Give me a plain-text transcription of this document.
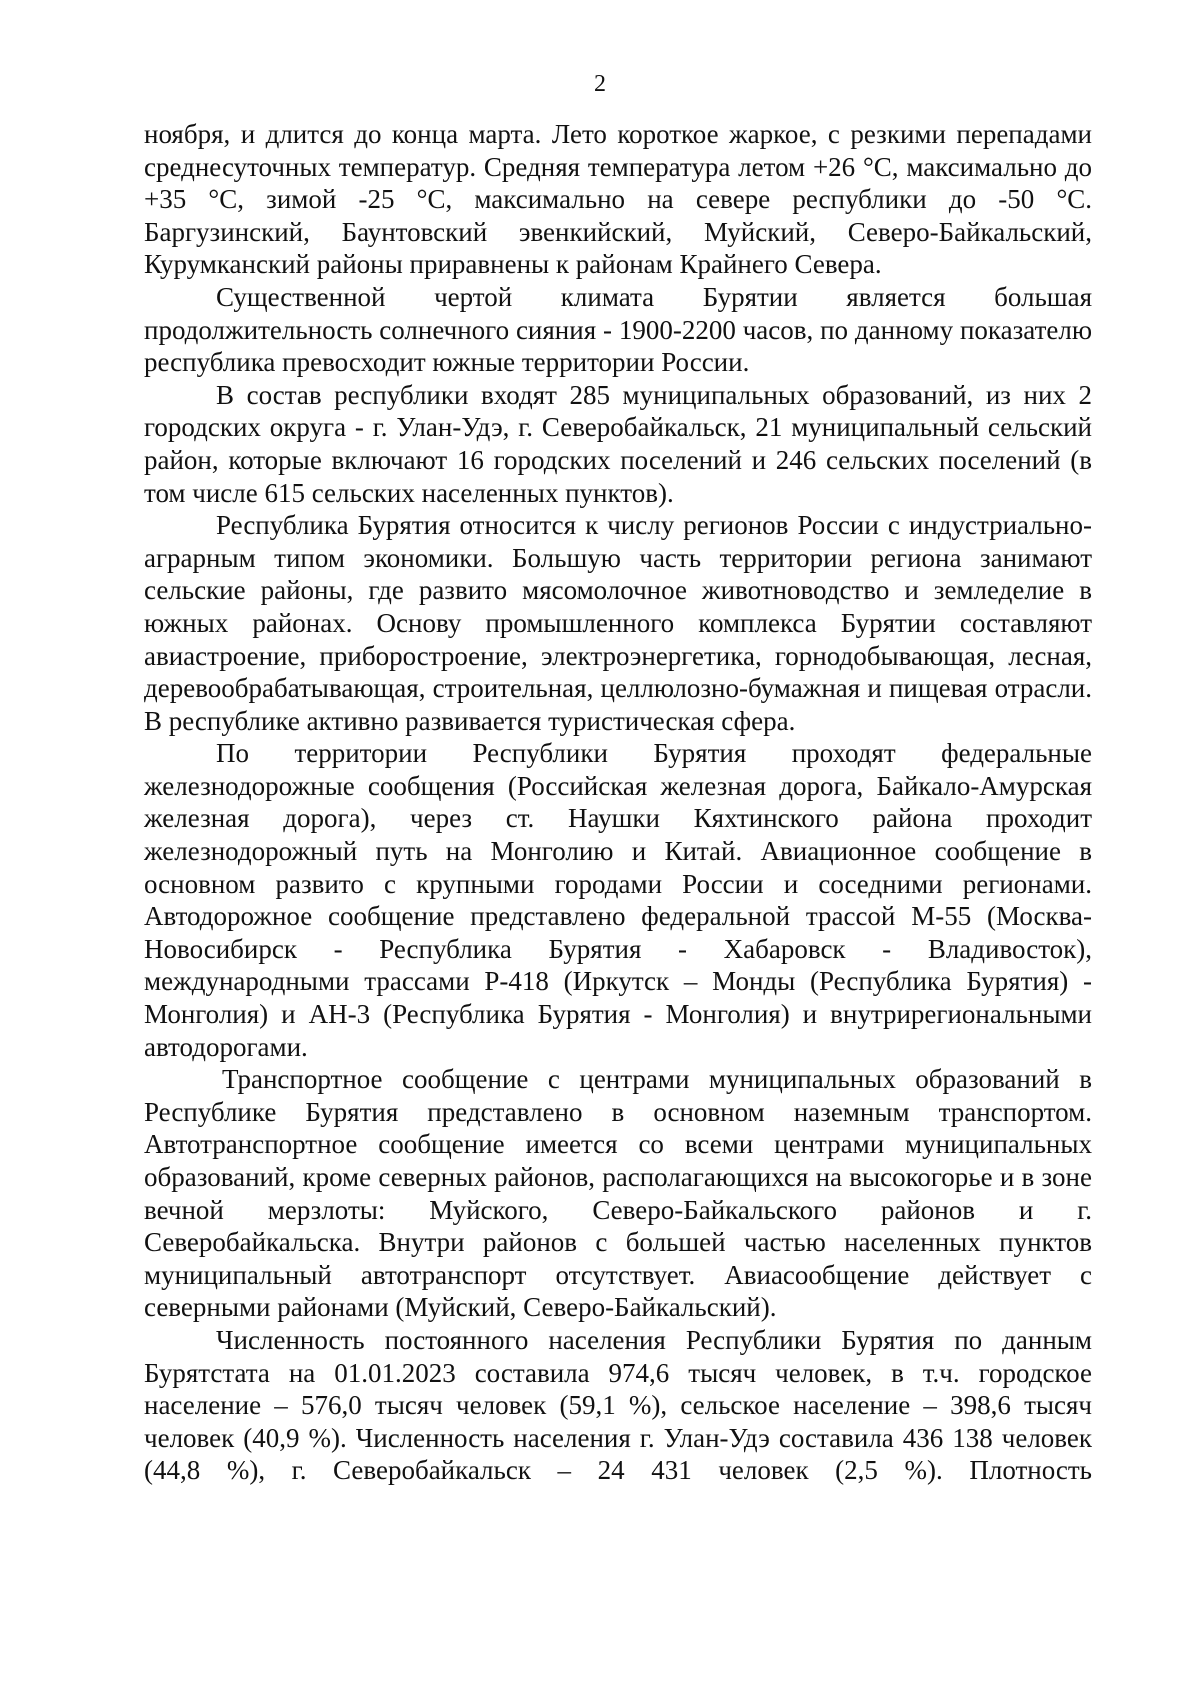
2

ноября, и длится до конца марта. Лето короткое жаркое, с резкими перепадами среднесуточных температур. Средняя температура летом +26 °С, максимально до +35 °С, зимой -25 °С, максимально на севере республики до -50 °С. Баргузинский, Баунтовский эвенкийский, Муйский, Северо-Байкальский, Курумканский районы приравнены к районам Крайнего Севера.

Существенной чертой климата Бурятии является большая продолжительность солнечного сияния - 1900-2200 часов, по данному показателю республика превосходит южные территории России.

В состав республики входят 285 муниципальных образований, из них 2 городских округа - г. Улан-Удэ, г. Северобайкальск, 21 муниципальный сельский район, которые включают 16 городских поселений и 246 сельских поселений (в том числе 615 сельских населенных пунктов).

Республика Бурятия относится к числу регионов России с индустриально-аграрным типом экономики. Большую часть территории региона занимают сельские районы, где развито мясомолочное животноводство и земледелие в южных районах. Основу промышленного комплекса Бурятии составляют авиастроение, приборостроение, электроэнергетика, горнодобывающая, лесная, деревообрабатывающая, строительная, целлюлозно-бумажная и пищевая отрасли. В республике активно развивается туристическая сфера.

По территории Республики Бурятия проходят федеральные железнодорожные сообщения (Российская железная дорога, Байкало-Амурская железная дорога), через ст. Наушки Кяхтинского района проходит железнодорожный путь на Монголию и Китай. Авиационное сообщение в основном развито с крупными городами России и соседними регионами. Автодорожное сообщение представлено федеральной трассой М-55 (Москва-Новосибирск - Республика Бурятия - Хабаровск - Владивосток), международными трассами Р-418 (Иркутск – Монды (Республика Бурятия) - Монголия) и АН-3 (Республика Бурятия - Монголия) и внутрирегиональными автодорогами.

Транспортное сообщение с центрами муниципальных образований в Республике Бурятия представлено в основном наземным транспортом. Автотранспортное сообщение имеется со всеми центрами муниципальных образований, кроме северных районов, располагающихся на высокогорье и в зоне вечной мерзлоты: Муйского, Северо-Байкальского районов и г. Северобайкальска. Внутри районов с большей частью населенных пунктов муниципальный автотранспорт отсутствует. Авиасообщение действует с северными районами (Муйский, Северо-Байкальский).

Численность постоянного населения Республики Бурятия по данным Бурятстата на 01.01.2023 составила 974,6 тысяч человек, в т.ч. городское население – 576,0 тысяч человек (59,1 %), сельское население – 398,6 тысяч человек (40,9 %). Численность населения г. Улан-Удэ составила 436 138 человек (44,8 %), г. Северобайкальск – 24 431 человек (2,5 %). Плотность
